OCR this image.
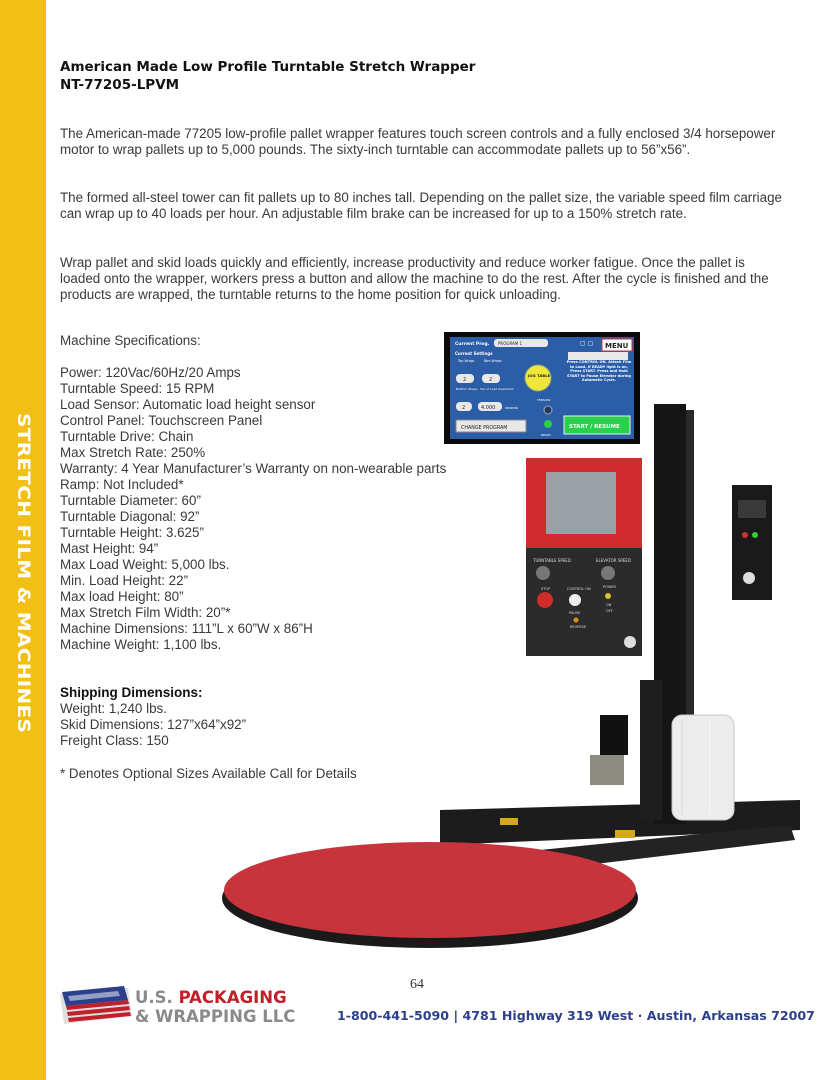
STRETCH FILM & MACHINES
American Made Low Profile Turntable Stretch Wrapper
NT-77205-LPVM

The American-made 77205 low-profile pallet wrapper features touch screen controls and a fully enclosed 3/4 horsepower motor to wrap pallets up to 5,000 pounds. The sixty-inch turntable can accommodate pallets up to 56”x56”.

The formed all-steel tower can fit pallets up to 80 inches tall. Depending on the pallet size, the variable speed film carriage can wrap up to 40 loads per hour. An adjustable film brake can be increased for up to a 150% stretch rate.

Wrap pallet and skid loads quickly and efficiently, increase productivity and reduce worker fatigue. Once the pallet is loaded onto the wrapper, workers press a button and allow the machine to do the rest. After the cycle is finished and the products are wrapped, the turntable returns to the home position for quick unloading.

Machine Specifications:
Power: 120Vac/60Hz/20 Amps
Turntable Speed: 15 RPM
Load Sensor: Automatic load height sensor
Control Panel: Touchscreen Panel
Turntable Drive: Chain
Max Stretch Rate: 250%
Warranty: 4 Year Manufacturer’s Warranty on non-wearable parts
Ramp: Not Included*
Turntable Diameter: 60”
Turntable Diagonal: 92”
Turntable Height: 3.625”
Mast Height: 94”
Max Load Weight: 5,000 lbs.
Min. Load Height: 22”
Max load Height: 80”
Max Stretch Film Width: 20”*
Machine Dimensions: 111”L x 60”W x 86”H
Machine Weight: 1,100 lbs.
Shipping Dimensions:
Weight: 1,240 lbs.
Skid Dimensions: 127”x64”x92”
Freight Class: 150
* Denotes Optional Sizes Available Call for Details
TURNTABLE SPEED	ELEVATOR SPEED
STOP	CONTROL ON	POWER
PAUSE
ON
OFF
REVERSE
Current Prog. PROGRAM 1	▢ ▢ MENU
Current Settings
Top Wraps	Btm Wraps
2	2
Bottom Wraps Top of Load Overshoot
2	4.000	seconds
JOG TABLE
TENSION
READY
CHANGE PROGRAM
Press CONTROL ON. Attach Film to Load. If READY light is on, Press START. Press and Hold START to Pause Elevator during Automatic Cycle.
START / RESUME
64
U.S. PACKAGING
& WRAPPING LLC	1-800-441-5090 | 4781 Highway 319 West · Austin, Arkansas 72007
